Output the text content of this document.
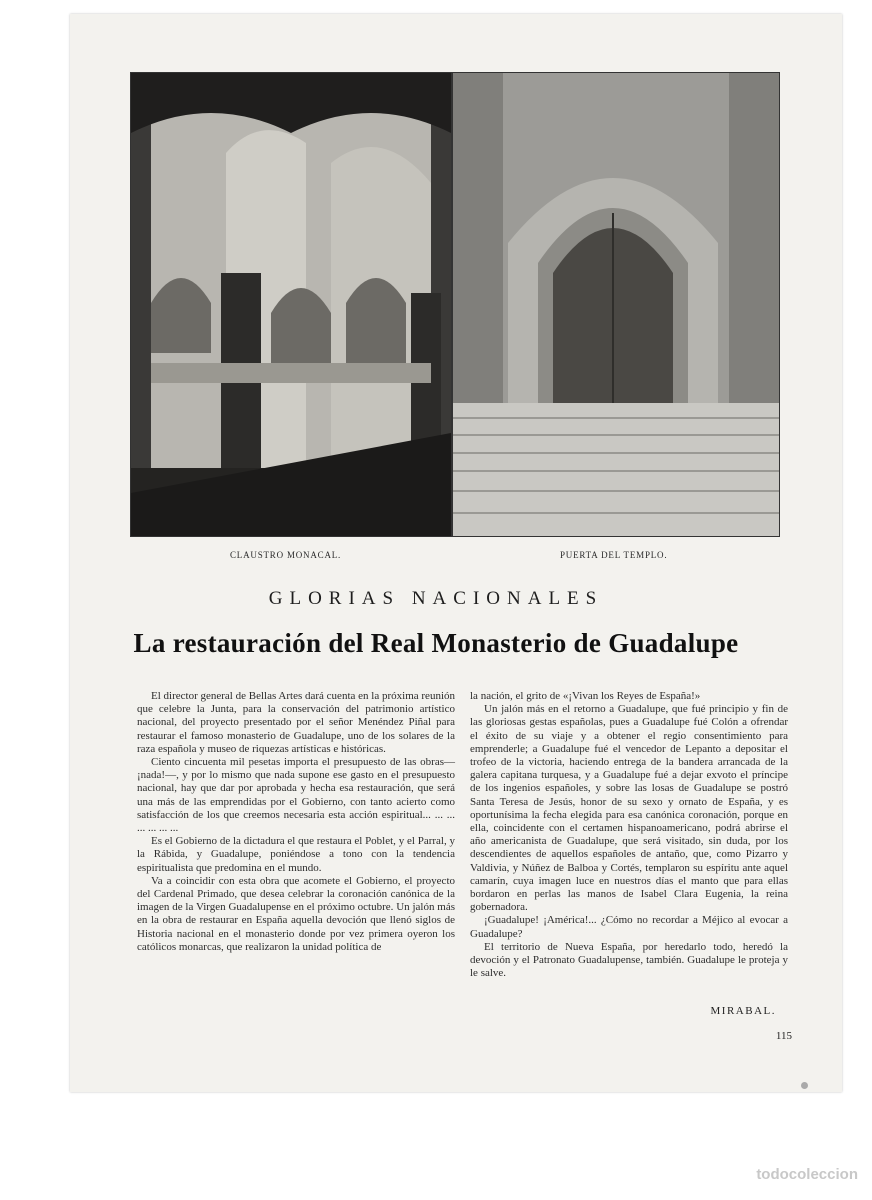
CLAUSTRO MONACAL.	PUERTA DEL TEMPLO.
GLORIAS NACIONALES
La restauración del Real Monasterio de Guadalupe

El director general de Bellas Artes dará cuenta en la próxima reunión que celebre la Junta, para la conservación del patrimonio artístico nacional, del proyecto presentado por el señor Menéndez Piñal para restaurar el famoso monasterio de Guadalupe, uno de los solares de la raza española y museo de riquezas artísticas e históricas.

Ciento cincuenta mil pesetas importa el presupuesto de las obras—¡nada!—, y por lo mismo que nada supone ese gasto en el presupuesto nacional, hay que dar por aprobada y hecha esa restauración, que será una más de las emprendidas por el Gobierno, con tanto acierto como satisfacción de los que creemos necesaria esta acción espiritual... ... ... ... ... ... ...

Es el Gobierno de la dictadura el que restaura el Poblet, y el Parral, y la Rábida, y Guadalupe, poniéndose a tono con la tendencia espiritualista que predomina en el mundo.

Va a coincidir con esta obra que acomete el Gobierno, el proyecto del Cardenal Primado, que desea celebrar la coronación canónica de la imagen de la Virgen Guadalupense en el próximo octubre. Un jalón más en la obra de restaurar en España aquella devoción que llenó siglos de Historia nacional en el monasterio donde por vez primera oyeron los católicos monarcas, que realizaron la unidad política de

la nación, el grito de «¡Vivan los Reyes de España!»

Un jalón más en el retorno a Guadalupe, que fué principio y fin de las gloriosas gestas españolas, pues a Guadalupe fué Colón a ofrendar el éxito de su viaje y a obtener el regio consentimiento para emprenderle; a Guadalupe fué el vencedor de Lepanto a depositar el trofeo de la victoria, haciendo entrega de la bandera arrancada de la galera capitana turquesa, y a Guadalupe fué a dejar exvoto el príncipe de los ingenios españoles, y sobre las losas de Guadalupe se postró Santa Teresa de Jesús, honor de su sexo y ornato de España, y es oportunísima la fecha elegida para esa canónica coronación, porque en ella, coincidente con el certamen hispanoamericano, podrá abrirse el año americanista de Guadalupe, que será visitado, sin duda, por los descendientes de aquellos españoles de antaño, que, como Pizarro y Valdivia, y Núñez de Balboa y Cortés, templaron su espíritu ante aquel camarín, cuya imagen luce en nuestros días el manto que para ellas bordaron en perlas las manos de Isabel Clara Eugenia, la reina gobernadora.

¡Guadalupe! ¡América!... ¿Cómo no recordar a Méjico al evocar a Guadalupe?

El territorio de Nueva España, por heredarlo todo, heredó la devoción y el Patronato Guadalupense, también. Guadalupe le proteja y le salve.

MIRABAL.
115
todocoleccion
